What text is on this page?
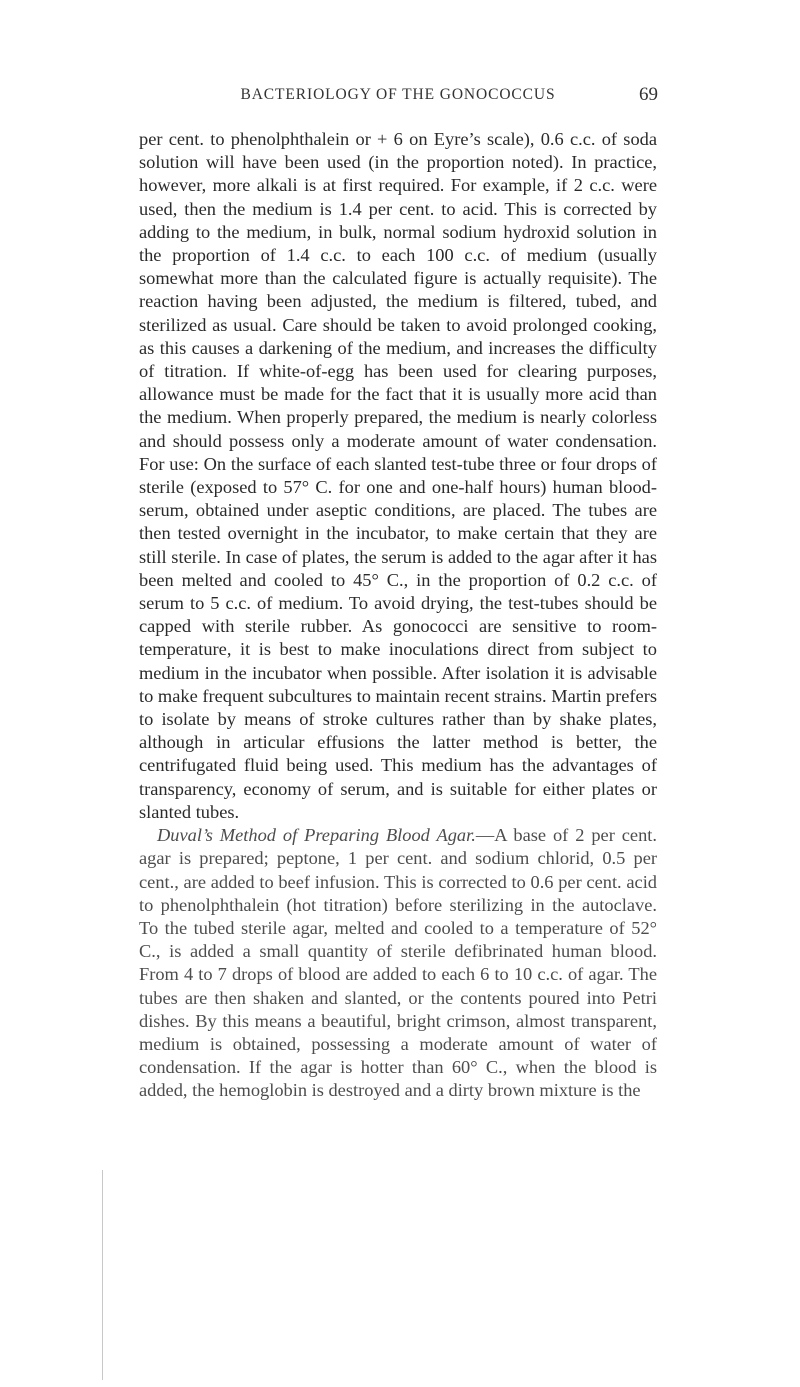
BACTERIOLOGY OF THE GONOCOCCUS	69

per cent. to phenolphthalein or + 6 on Eyre’s scale), 0.6 c.c. of soda solution will have been used (in the proportion noted). In practice, however, more alkali is at first required. For example, if 2 c.c. were used, then the medium is 1.4 per cent. to acid. This is corrected by adding to the medium, in bulk, normal sodium hydroxid solution in the proportion of 1.4 c.c. to each 100 c.c. of medium (usually somewhat more than the calculated figure is actually requisite). The reaction having been adjusted, the medium is filtered, tubed, and sterilized as usual. Care should be taken to avoid prolonged cooking, as this causes a darkening of the medium, and increases the difficulty of titration. If white-of-egg has been used for clearing purposes, allowance must be made for the fact that it is usually more acid than the medium. When properly prepared, the medium is nearly colorless and should possess only a moderate amount of water condensation. For use: On the surface of each slanted test-tube three or four drops of sterile (exposed to 57° C. for one and one-half hours) human blood-serum, obtained under aseptic conditions, are placed. The tubes are then tested overnight in the incubator, to make certain that they are still sterile. In case of plates, the serum is added to the agar after it has been melted and cooled to 45° C., in the proportion of 0.2 c.c. of serum to 5 c.c. of medium. To avoid drying, the test-tubes should be capped with sterile rubber. As gonococci are sensitive to room-temperature, it is best to make inoculations direct from subject to medium in the incubator when possible. After isolation it is advisable to make frequent subcultures to maintain recent strains. Martin prefers to isolate by means of stroke cultures rather than by shake plates, although in articular effusions the latter method is better, the centrifugated fluid being used. This medium has the advantages of transparency, economy of serum, and is suitable for either plates or slanted tubes.

Duval’s Method of Preparing Blood Agar.—A base of 2 per cent. agar is prepared; peptone, 1 per cent. and sodium chlorid, 0.5 per cent., are added to beef infusion. This is corrected to 0.6 per cent. acid to phenolphthalein (hot titration) before sterilizing in the autoclave. To the tubed sterile agar, melted and cooled to a temperature of 52° C., is added a small quantity of sterile defibrinated human blood. From 4 to 7 drops of blood are added to each 6 to 10 c.c. of agar. The tubes are then shaken and slanted, or the contents poured into Petri dishes. By this means a beautiful, bright crimson, almost transparent, medium is obtained, possessing a moderate amount of water of condensation. If the agar is hotter than 60° C., when the blood is added, the hemoglobin is destroyed and a dirty brown mixture is the
